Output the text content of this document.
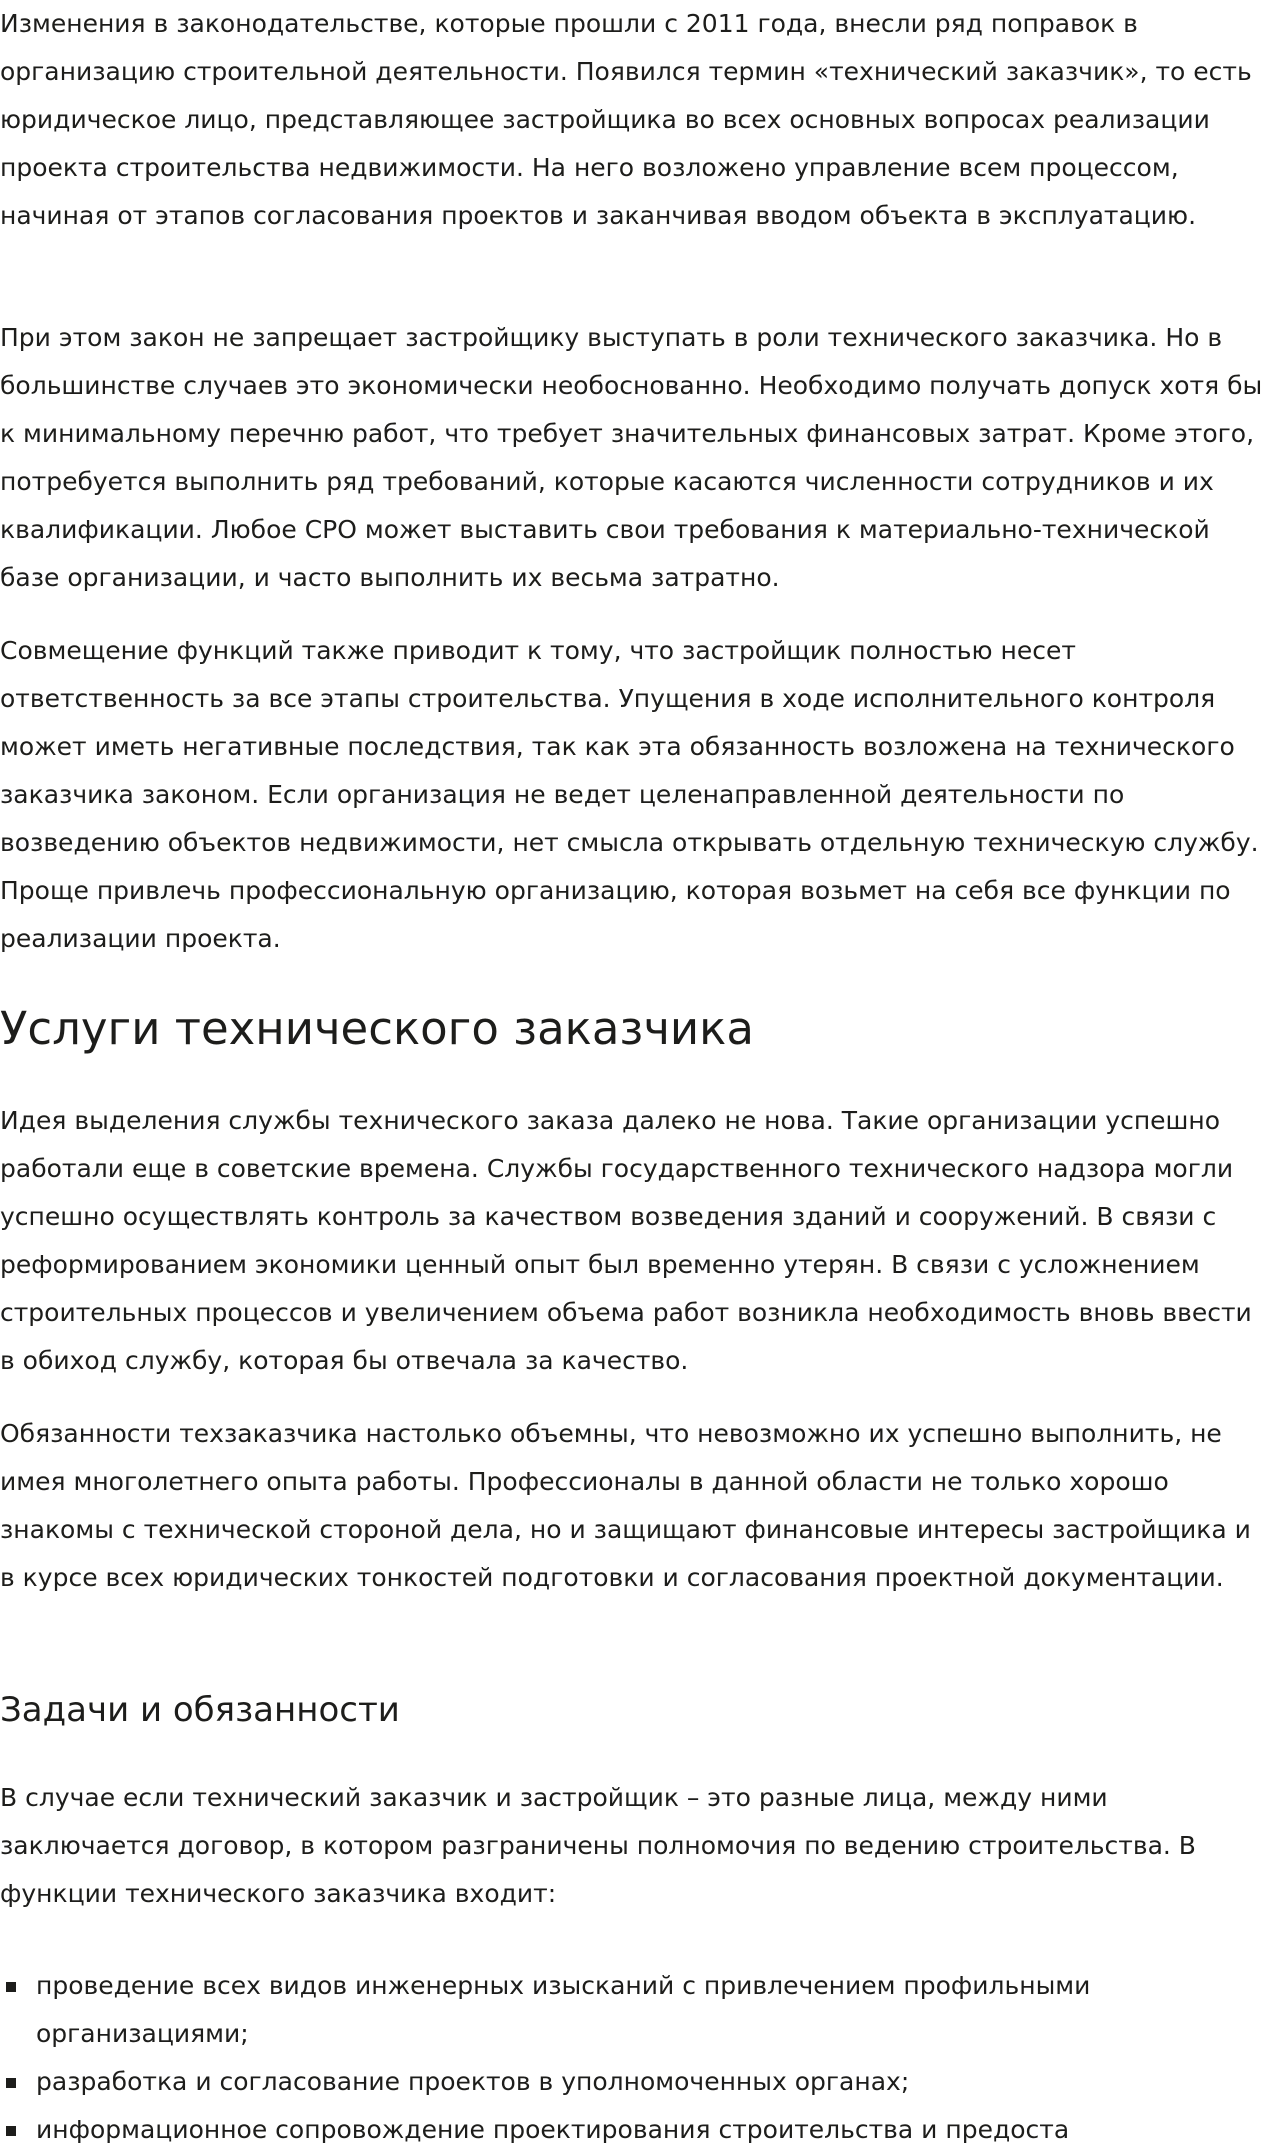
Изменения в законодательстве, которые прошли с 2011 года, внесли ряд поправок в организацию строительной деятельности. Появился термин «технический заказчик», то есть юридическое лицо, представляющее застройщика во всех основных вопросах реализации проекта строительства недвижимости. На него возложено управление всем процессом, начиная от этапов согласования проектов и заканчивая вводом объекта в эксплуатацию.

При этом закон не запрещает застройщику выступать в роли технического заказчика. Но в большинстве случаев это экономически необоснованно. Необходимо получать допуск хотя бы к минимальному перечню работ, что требует значительных финансовых затрат. Кроме этого, потребуется выполнить ряд требований, которые касаются численности сотрудников и их квалификации. Любое СРО может выставить свои требования к материально-технической базе организации, и часто выполнить их весьма затратно.

Совмещение функций также приводит к тому, что застройщик полностью несет ответственность за все этапы строительства. Упущения в ходе исполнительного контроля может иметь негативные последствия, так как эта обязанность возложена на технического заказчика законом. Если организация не ведет целенаправленной деятельности по возведению объектов недвижимости, нет смысла открывать отдельную техническую службу. Проще привлечь профессиональную организацию, которая возьмет на себя все функции по реализации проекта.

Услуги технического заказчика

Идея выделения службы технического заказа далеко не нова. Такие организации успешно работали еще в советские времена. Службы государственного технического надзора могли успешно осуществлять контроль за качеством возведения зданий и сооружений. В связи с реформированием экономики ценный опыт был временно утерян. В связи с усложнением строительных процессов и увеличением объема работ возникла необходимость вновь ввести в обиход службу, которая бы отвечала за качество.

Обязанности техзаказчика настолько объемны, что невозможно их успешно выполнить, не имея многолетнего опыта работы. Профессионалы в данной области не только хорошо знакомы с технической стороной дела, но и защищают финансовые интересы застройщика и в курсе всех юридических тонкостей подготовки и согласования проектной документации.

Задачи и обязанности

В случае если технический заказчик и застройщик – это разные лица, между ними заключается договор, в котором разграничены полномочия по ведению строительства. В функции технического заказчика входит:

проведение всех видов инженерных изысканий с привлечением профильными организациями;
разработка и согласование проектов в уполномоченных органах;
информационное сопровождение проектирования строительства и предоста
